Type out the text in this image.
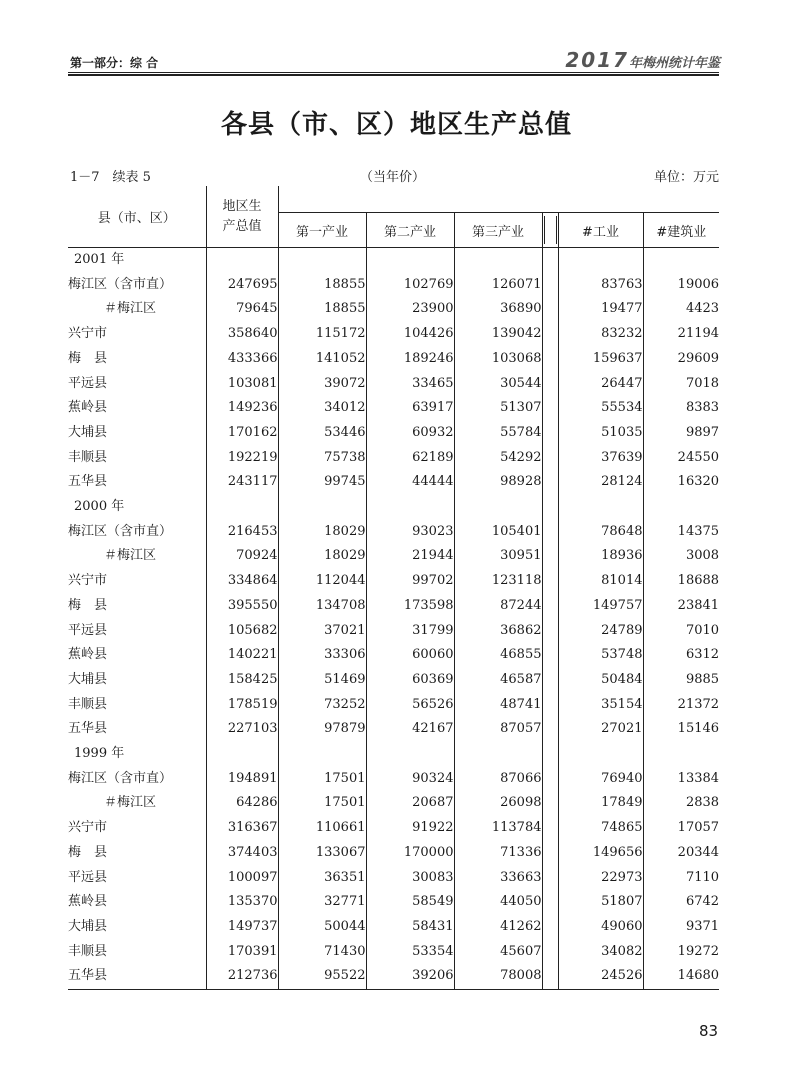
第一部分：综 合	2017年梅州统计年鉴
各县（市、区）地区生产总值
1－7　续表 5	（当年价）	单位：万元
县（市、区）	地区生
产总值						
		第一产业	第二产业	第三产业		#工业	#建筑业
2001 年							
梅江区（含市直）	247695	18855	102769	126071		83763	19006
＃梅江区	79645	18855	23900	36890		19477	4423
兴宁市	358640	115172	104426	139042		83232	21194
梅　县	433366	141052	189246	103068		159637	29609
平远县	103081	39072	33465	30544		26447	7018
蕉岭县	149236	34012	63917	51307		55534	8383
大埔县	170162	53446	60932	55784		51035	9897
丰顺县	192219	75738	62189	54292		37639	24550
五华县	243117	99745	44444	98928		28124	16320
2000 年							
梅江区（含市直）	216453	18029	93023	105401		78648	14375
＃梅江区	70924	18029	21944	30951		18936	3008
兴宁市	334864	112044	99702	123118		81014	18688
梅　县	395550	134708	173598	87244		149757	23841
平远县	105682	37021	31799	36862		24789	7010
蕉岭县	140221	33306	60060	46855		53748	6312
大埔县	158425	51469	60369	46587		50484	9885
丰顺县	178519	73252	56526	48741		35154	21372
五华县	227103	97879	42167	87057		27021	15146
1999 年							
梅江区（含市直）	194891	17501	90324	87066		76940	13384
＃梅江区	64286	17501	20687	26098		17849	2838
兴宁市	316367	110661	91922	113784		74865	17057
梅　县	374403	133067	170000	71336		149656	20344
平远县	100097	36351	30083	33663		22973	7110
蕉岭县	135370	32771	58549	44050		51807	6742
大埔县	149737	50044	58431	41262		49060	9371
丰顺县	170391	71430	53354	45607		34082	19272
五华县	212736	95522	39206	78008		24526	14680
83
